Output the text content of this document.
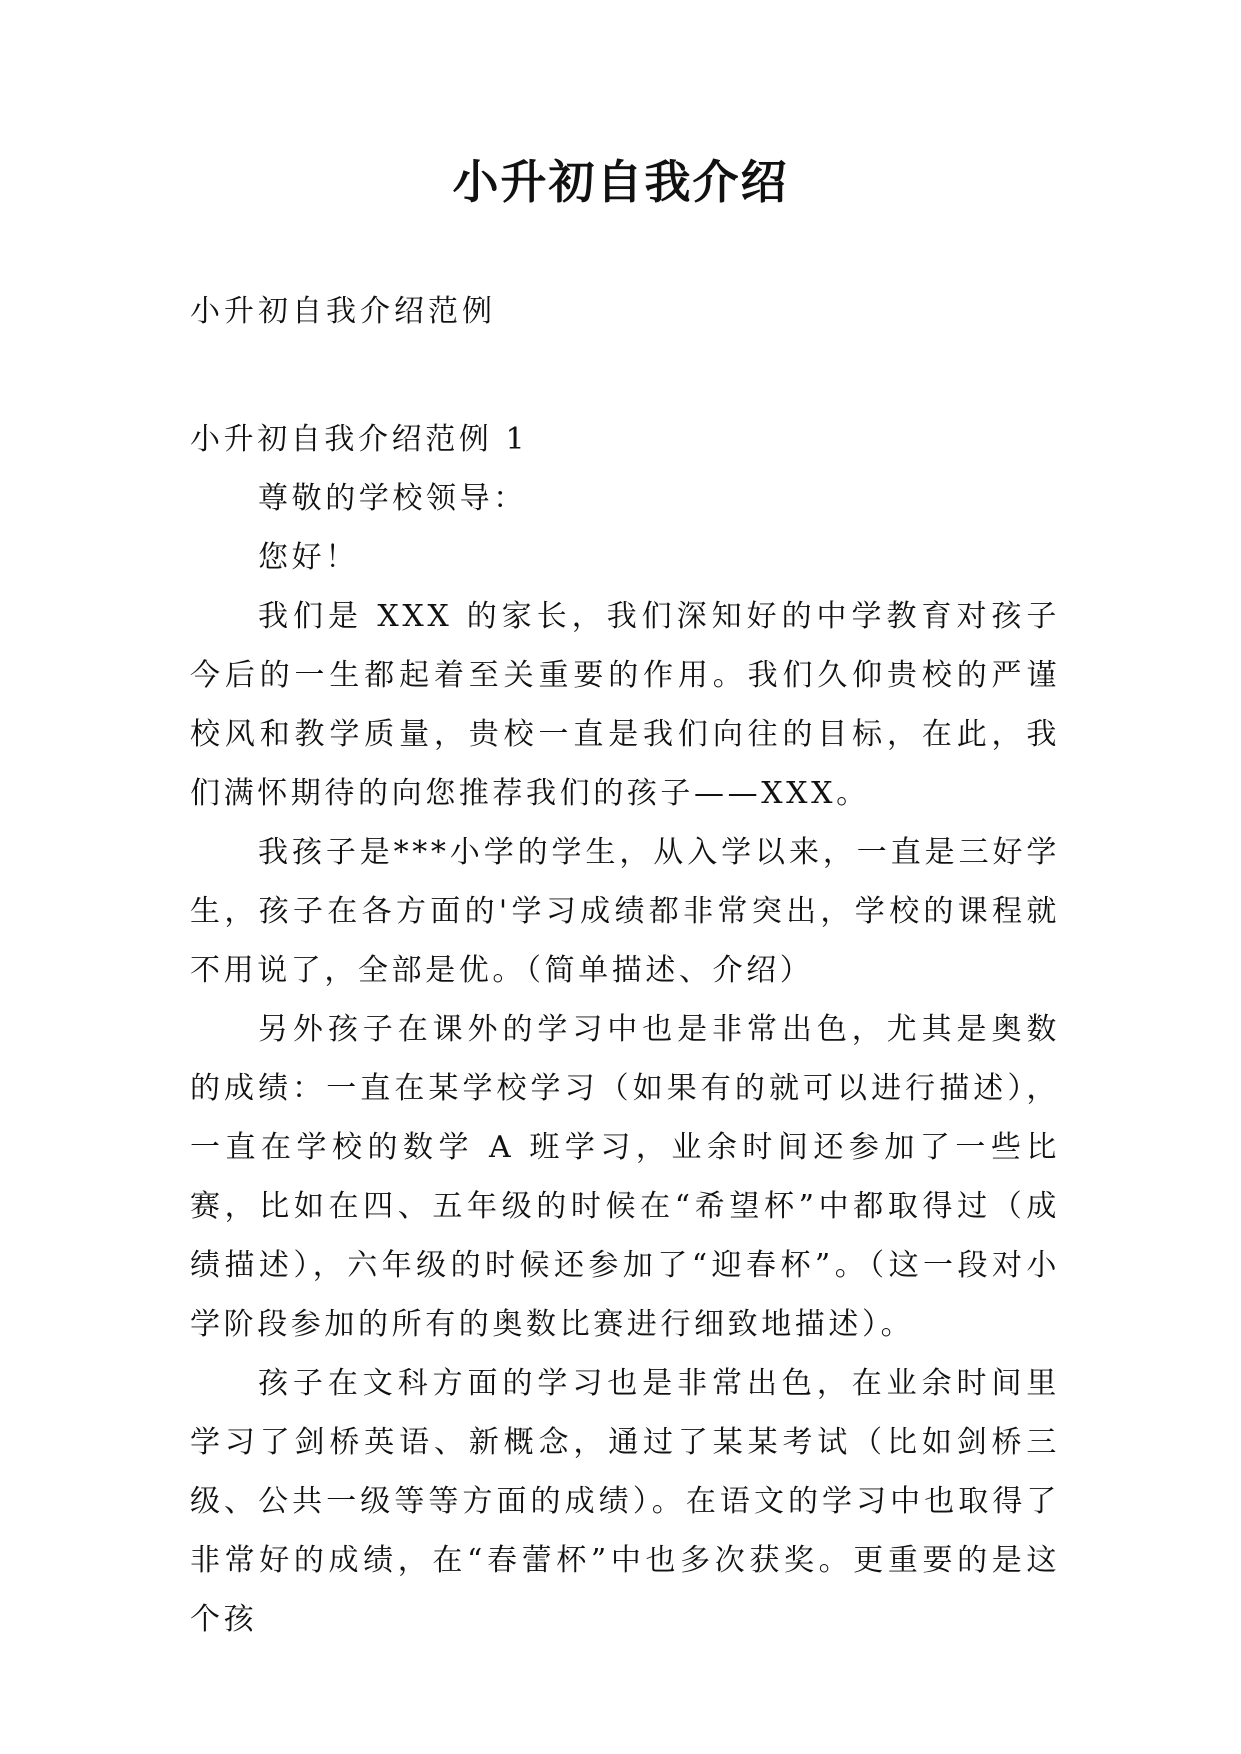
小升初自我介绍

小升初自我介绍范例

小升初自我介绍范例 1

尊敬的学校领导：

您好！

我们是 XXX 的家长，我们深知好的中学教育对孩子今后的一生都起着至关重要的作用。我们久仰贵校的严谨校风和教学质量，贵校一直是我们向往的目标，在此，我们满怀期待的向您推荐我们的孩子——XXX。

我孩子是***小学的学生，从入学以来，一直是三好学生，孩子在各方面的'学习成绩都非常突出，学校的课程就不用说了，全部是优。（简单描述、介绍）

另外孩子在课外的学习中也是非常出色，尤其是奥数的成绩：一直在某学校学习（如果有的就可以进行描述），一直在学校的数学 A 班学习，业余时间还参加了一些比赛，比如在四、五年级的时候在“希望杯”中都取得过（成绩描述），六年级的时候还参加了“迎春杯”。（这一段对小学阶段参加的所有的奥数比赛进行细致地描述）。

孩子在文科方面的学习也是非常出色，在业余时间里学习了剑桥英语、新概念，通过了某某考试（比如剑桥三级、公共一级等等方面的成绩）。在语文的学习中也取得了非常好的成绩，在“春蕾杯”中也多次获奖。更重要的是这个孩
